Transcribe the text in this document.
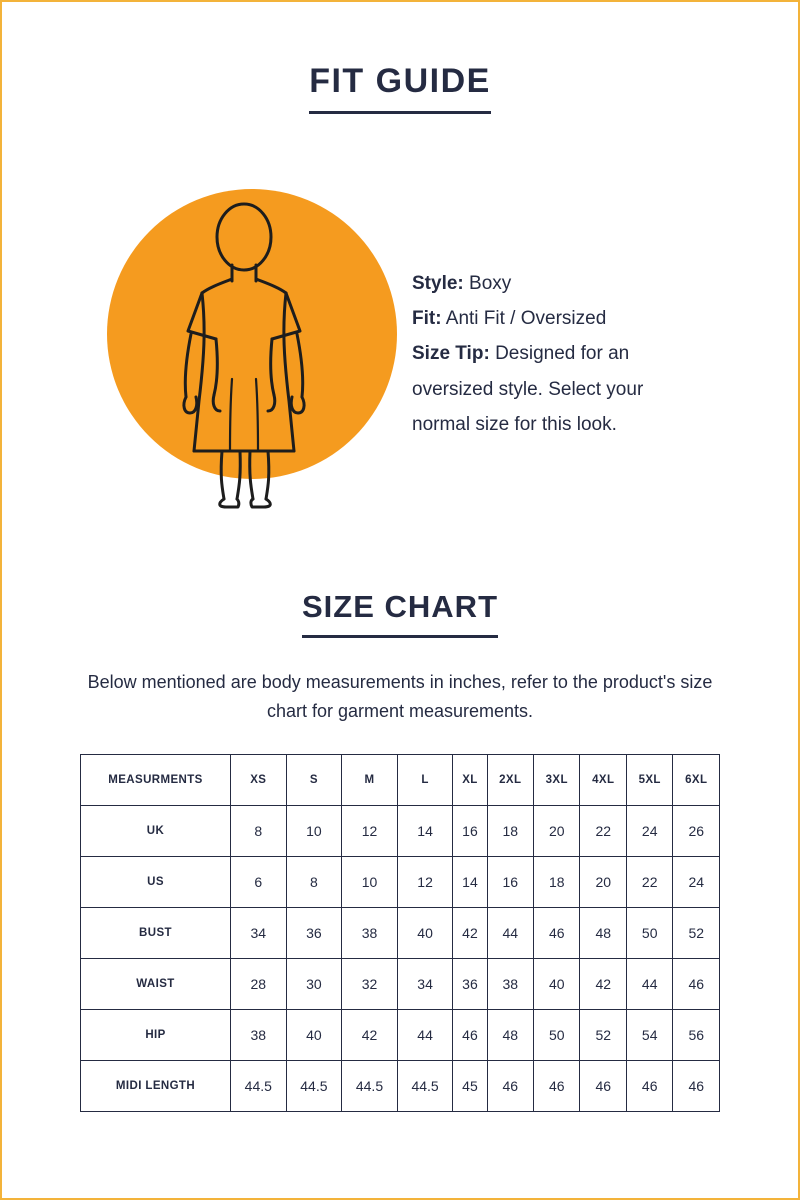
FIT GUIDE
Style: Boxy
Fit: Anti Fit / Oversized
Size Tip: Designed for an oversized style. Select your normal size for this look.
SIZE CHART
Below mentioned are body measurements in inches, refer to the product's size chart for garment measurements.
MEASURMENTS	XS	S	M	L	XL	2XL	3XL	4XL	5XL	6XL
UK	8	10	12	14	16	18	20	22	24	26
US	6	8	10	12	14	16	18	20	22	24
BUST	34	36	38	40	42	44	46	48	50	52
WAIST	28	30	32	34	36	38	40	42	44	46
HIP	38	40	42	44	46	48	50	52	54	56
MIDI LENGTH	44.5	44.5	44.5	44.5	45	46	46	46	46	46
